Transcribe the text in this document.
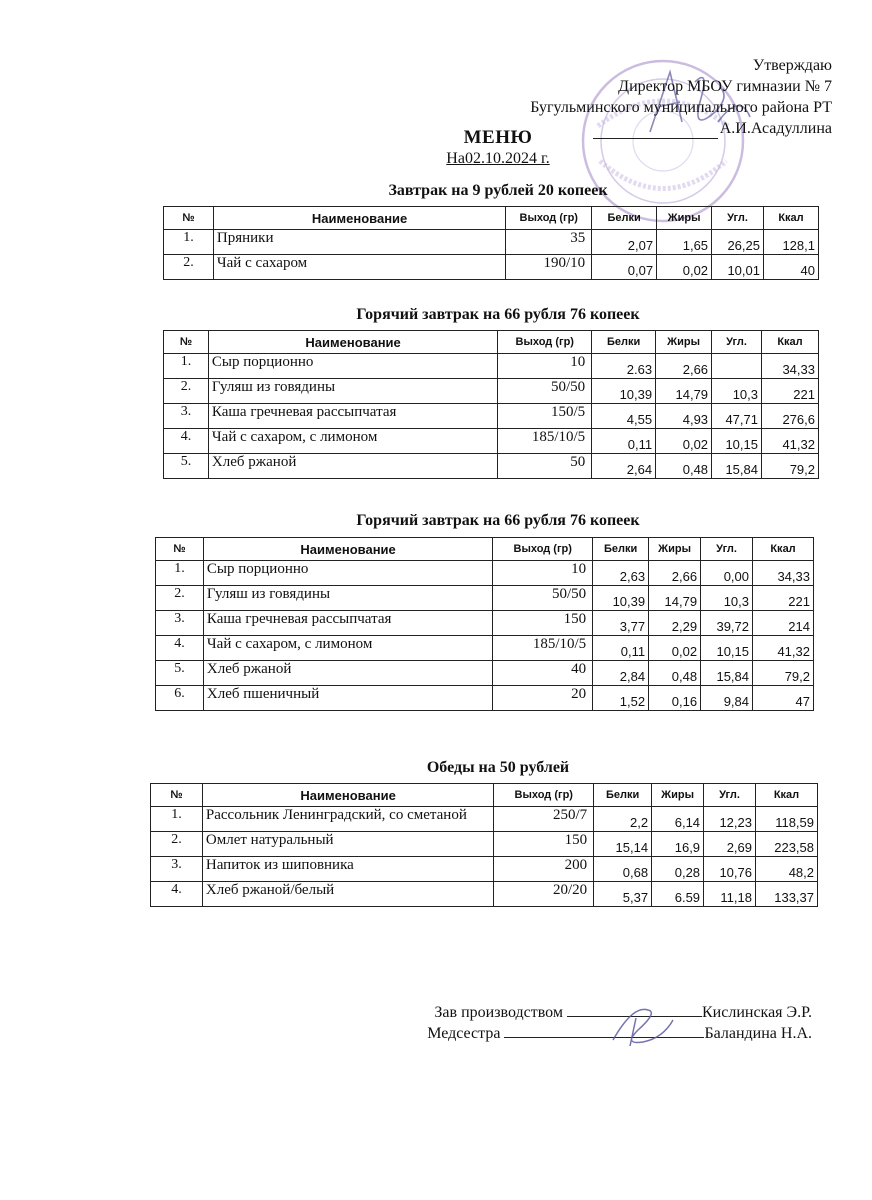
Утверждаю
Директор МБОУ гимназии № 7
Бугульминского муниципального района РТ
А.И.Асадуллина
МЕНЮ
На02.10.2024 г.
Завтрак на 9 рублей 20 копеек
№	Наименование	Выход (гр)	Белки	Жиры	Угл.	Ккал
1.	Пряники	35	2,07	1,65	26,25	128,1
2.	Чай с сахаром	190/10	0,07	0,02	10,01	40
Горячий завтрак на 66 рубля 76 копеек
№	Наименование	Выход (гр)	Белки	Жиры	Угл.	Ккал
1.	Сыр порционно	10	2.63	2,66		34,33
2.	Гуляш из говядины	50/50	10,39	14,79	10,3	221
3.	Каша гречневая рассыпчатая	150/5	4,55	4,93	47,71	276,6
4.	Чай с сахаром, с лимоном	185/10/5	0,11	0,02	10,15	41,32
5.	Хлеб ржаной	50	2,64	0,48	15,84	79,2
Горячий завтрак на 66 рубля 76 копеек
№	Наименование	Выход (гр)	Белки	Жиры	Угл.	Ккал
1.	Сыр порционно	10	2,63	2,66	0,00	34,33
2.	Гуляш из говядины	50/50	10,39	14,79	10,3	221
3.	Каша гречневая рассыпчатая	150	3,77	2,29	39,72	214
4.	Чай с сахаром, с лимоном	185/10/5	0,11	0,02	10,15	41,32
5.	Хлеб ржаной	40	2,84	0,48	15,84	79,2
6.	Хлеб пшеничный	20	1,52	0,16	9,84	47
Обеды на 50 рублей
№	Наименование	Выход (гр)	Белки	Жиры	Угл.	Ккал
1.	Рассольник Ленинградский, со сметаной	250/7	2,2	6,14	12,23	118,59
2.	Омлет натуральный	150	15,14	16,9	2,69	223,58
3.	Напиток из шиповника	200	0,68	0,28	10,76	48,2
4.	Хлеб ржаной/белый	20/20	5,37	6.59	11,18	133,37
Зав производством	Кислинская Э.Р.
Медсестра	Баландина Н.А.
